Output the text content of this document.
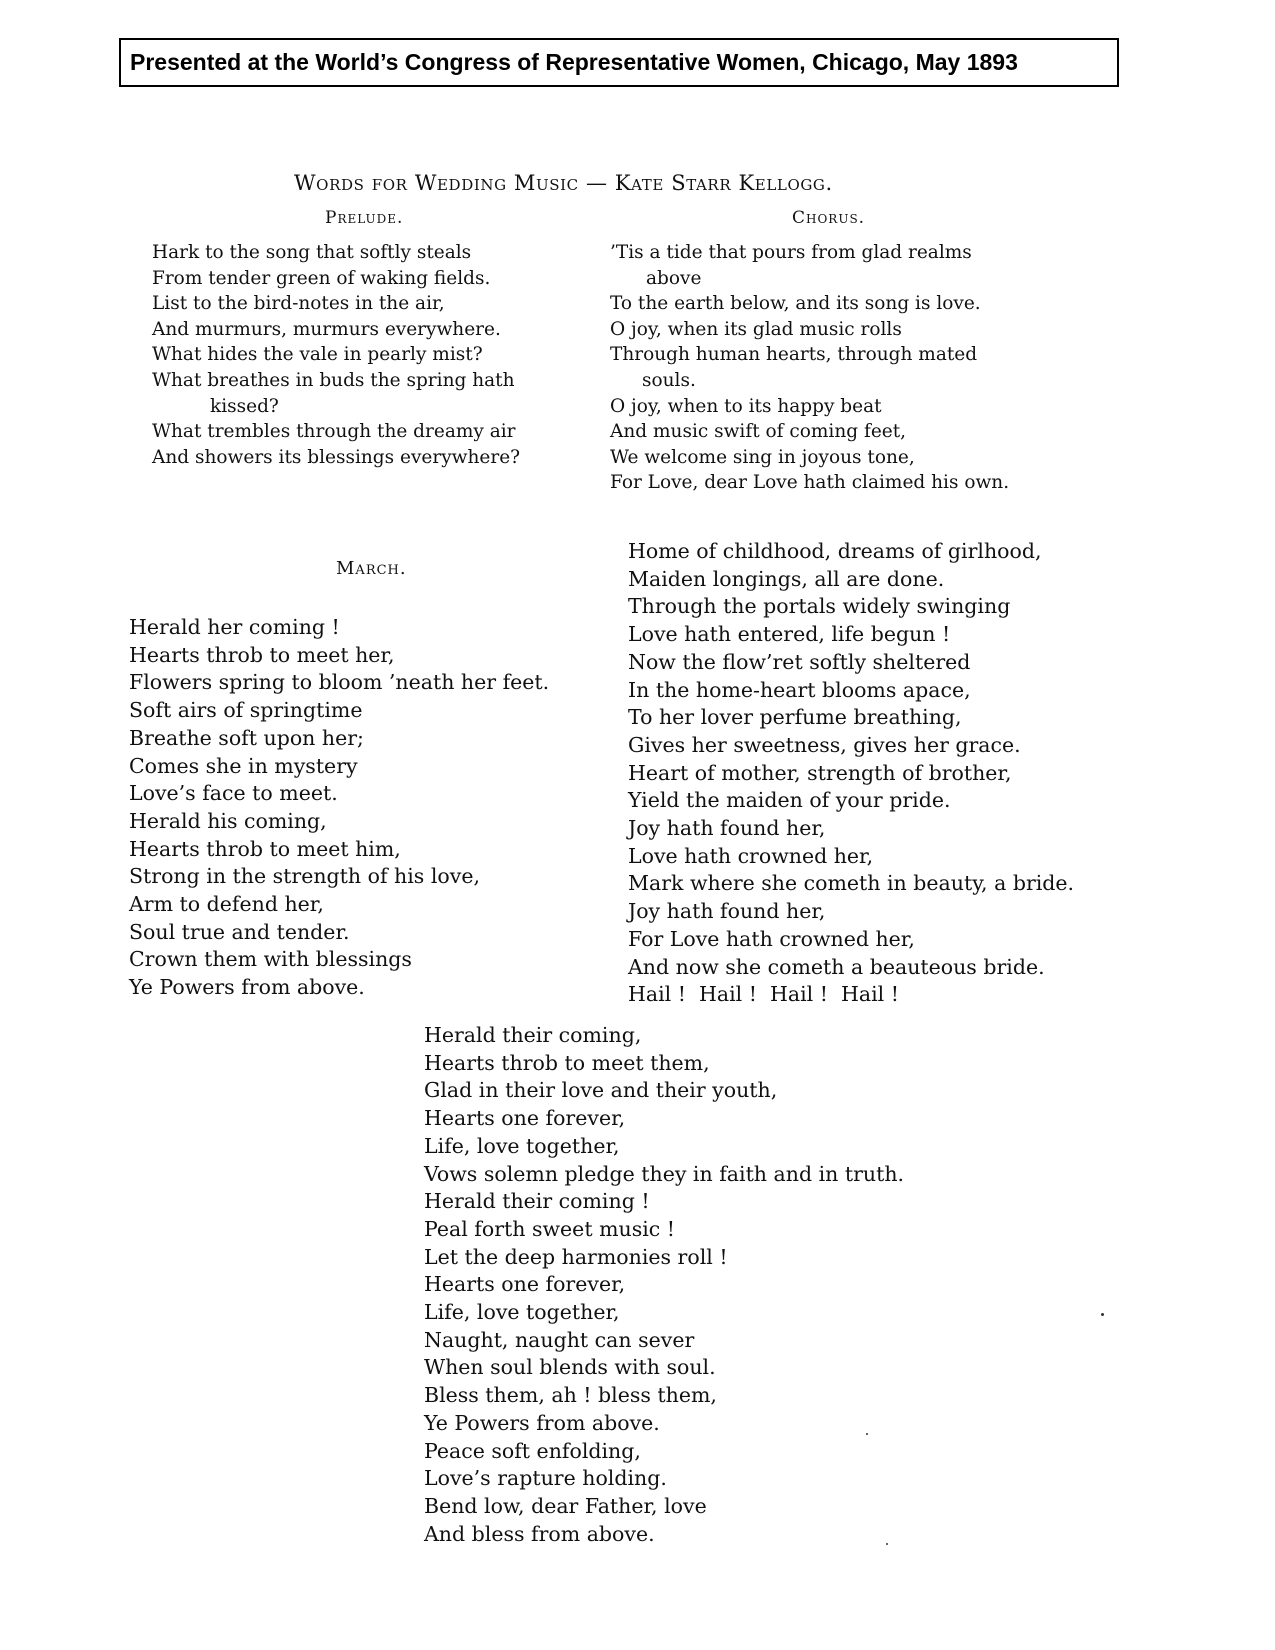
Presented at the World’s Congress of Representative Women, Chicago, May 1893
Words for Wedding Music — Kate Starr Kellogg.
Prelude.
Hark to the song that softly steals
From tender green of waking fields.
List to the bird-notes in the air,
And murmurs, murmurs everywhere.
What hides the vale in pearly mist?
What breathes in buds the spring hath
kissed?
What trembles through the dreamy air
And showers its blessings everywhere?
Chorus.
’Tis a tide that pours from glad realms
above
To the earth below, and its song is love.
O joy, when its glad music rolls
Through human hearts, through mated
souls.
O joy, when to its happy beat
And music swift of coming feet,
We welcome sing in joyous tone,
For Love, dear Love hath claimed his own.
March.
Herald her coming !
Hearts throb to meet her,
Flowers spring to bloom ’neath her feet.
Soft airs of springtime
Breathe soft upon her;
Comes she in mystery
Love’s face to meet.
Herald his coming,
Hearts throb to meet him,
Strong in the strength of his love,
Arm to defend her,
Soul true and tender.
Crown them with blessings
Ye Powers from above.
Home of childhood, dreams of girlhood,
Maiden longings, all are done.
Through the portals widely swinging
Love hath entered, life begun !
Now the flow’ret softly sheltered
In the home-heart blooms apace,
To her lover perfume breathing,
Gives her sweetness, gives her grace.
Heart of mother, strength of brother,
Yield the maiden of your pride.
Joy hath found her,
Love hath crowned her,
Mark where she cometh in beauty, a bride.
Joy hath found her,
For Love hath crowned her,
And now she cometh a beauteous bride.
Hail !  Hail !  Hail !  Hail !
Herald their coming,
Hearts throb to meet them,
Glad in their love and their youth,
Hearts one forever,
Life, love together,
Vows solemn pledge they in faith and in truth.
Herald their coming !
Peal forth sweet music !
Let the deep harmonies roll !
Hearts one forever,
Life, love together,
Naught, naught can sever
When soul blends with soul.
Bless them, ah ! bless them,
Ye Powers from above.
Peace soft enfolding,
Love’s rapture holding.
Bend low, dear Father, love
And bless from above.
